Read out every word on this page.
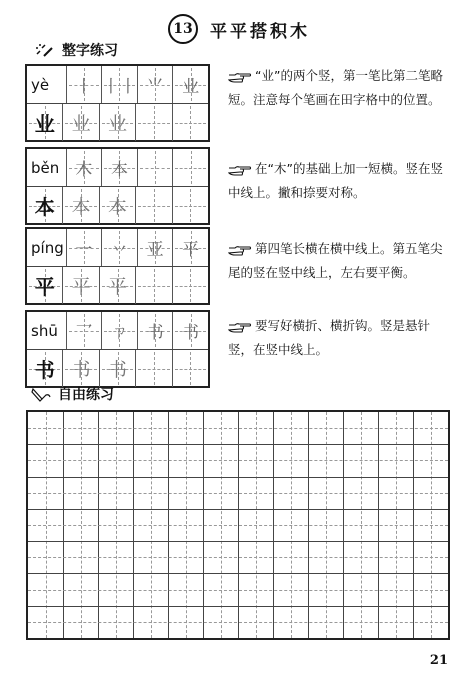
13 平平搭积木
整字练习
yè 丨 丨丨 ⺌ 业
业 业 业
běn 木 本
本 本 本
píng 一 丷 亚 平
平 平 平
shū 乛 ㄗ 书 书
书 书 书
“业”的两个竖，第一笔比第二笔略短。注意每个笔画在田字格中的位置。
在“木”的基础上加一短横。竖在竖中线上。撇和捺要对称。
第四笔长横在横中线上。第五笔尖尾的竖在竖中线上，左右要平衡。
要写好横折、横折钩。竖是悬针竖，在竖中线上。
自由练习
21
